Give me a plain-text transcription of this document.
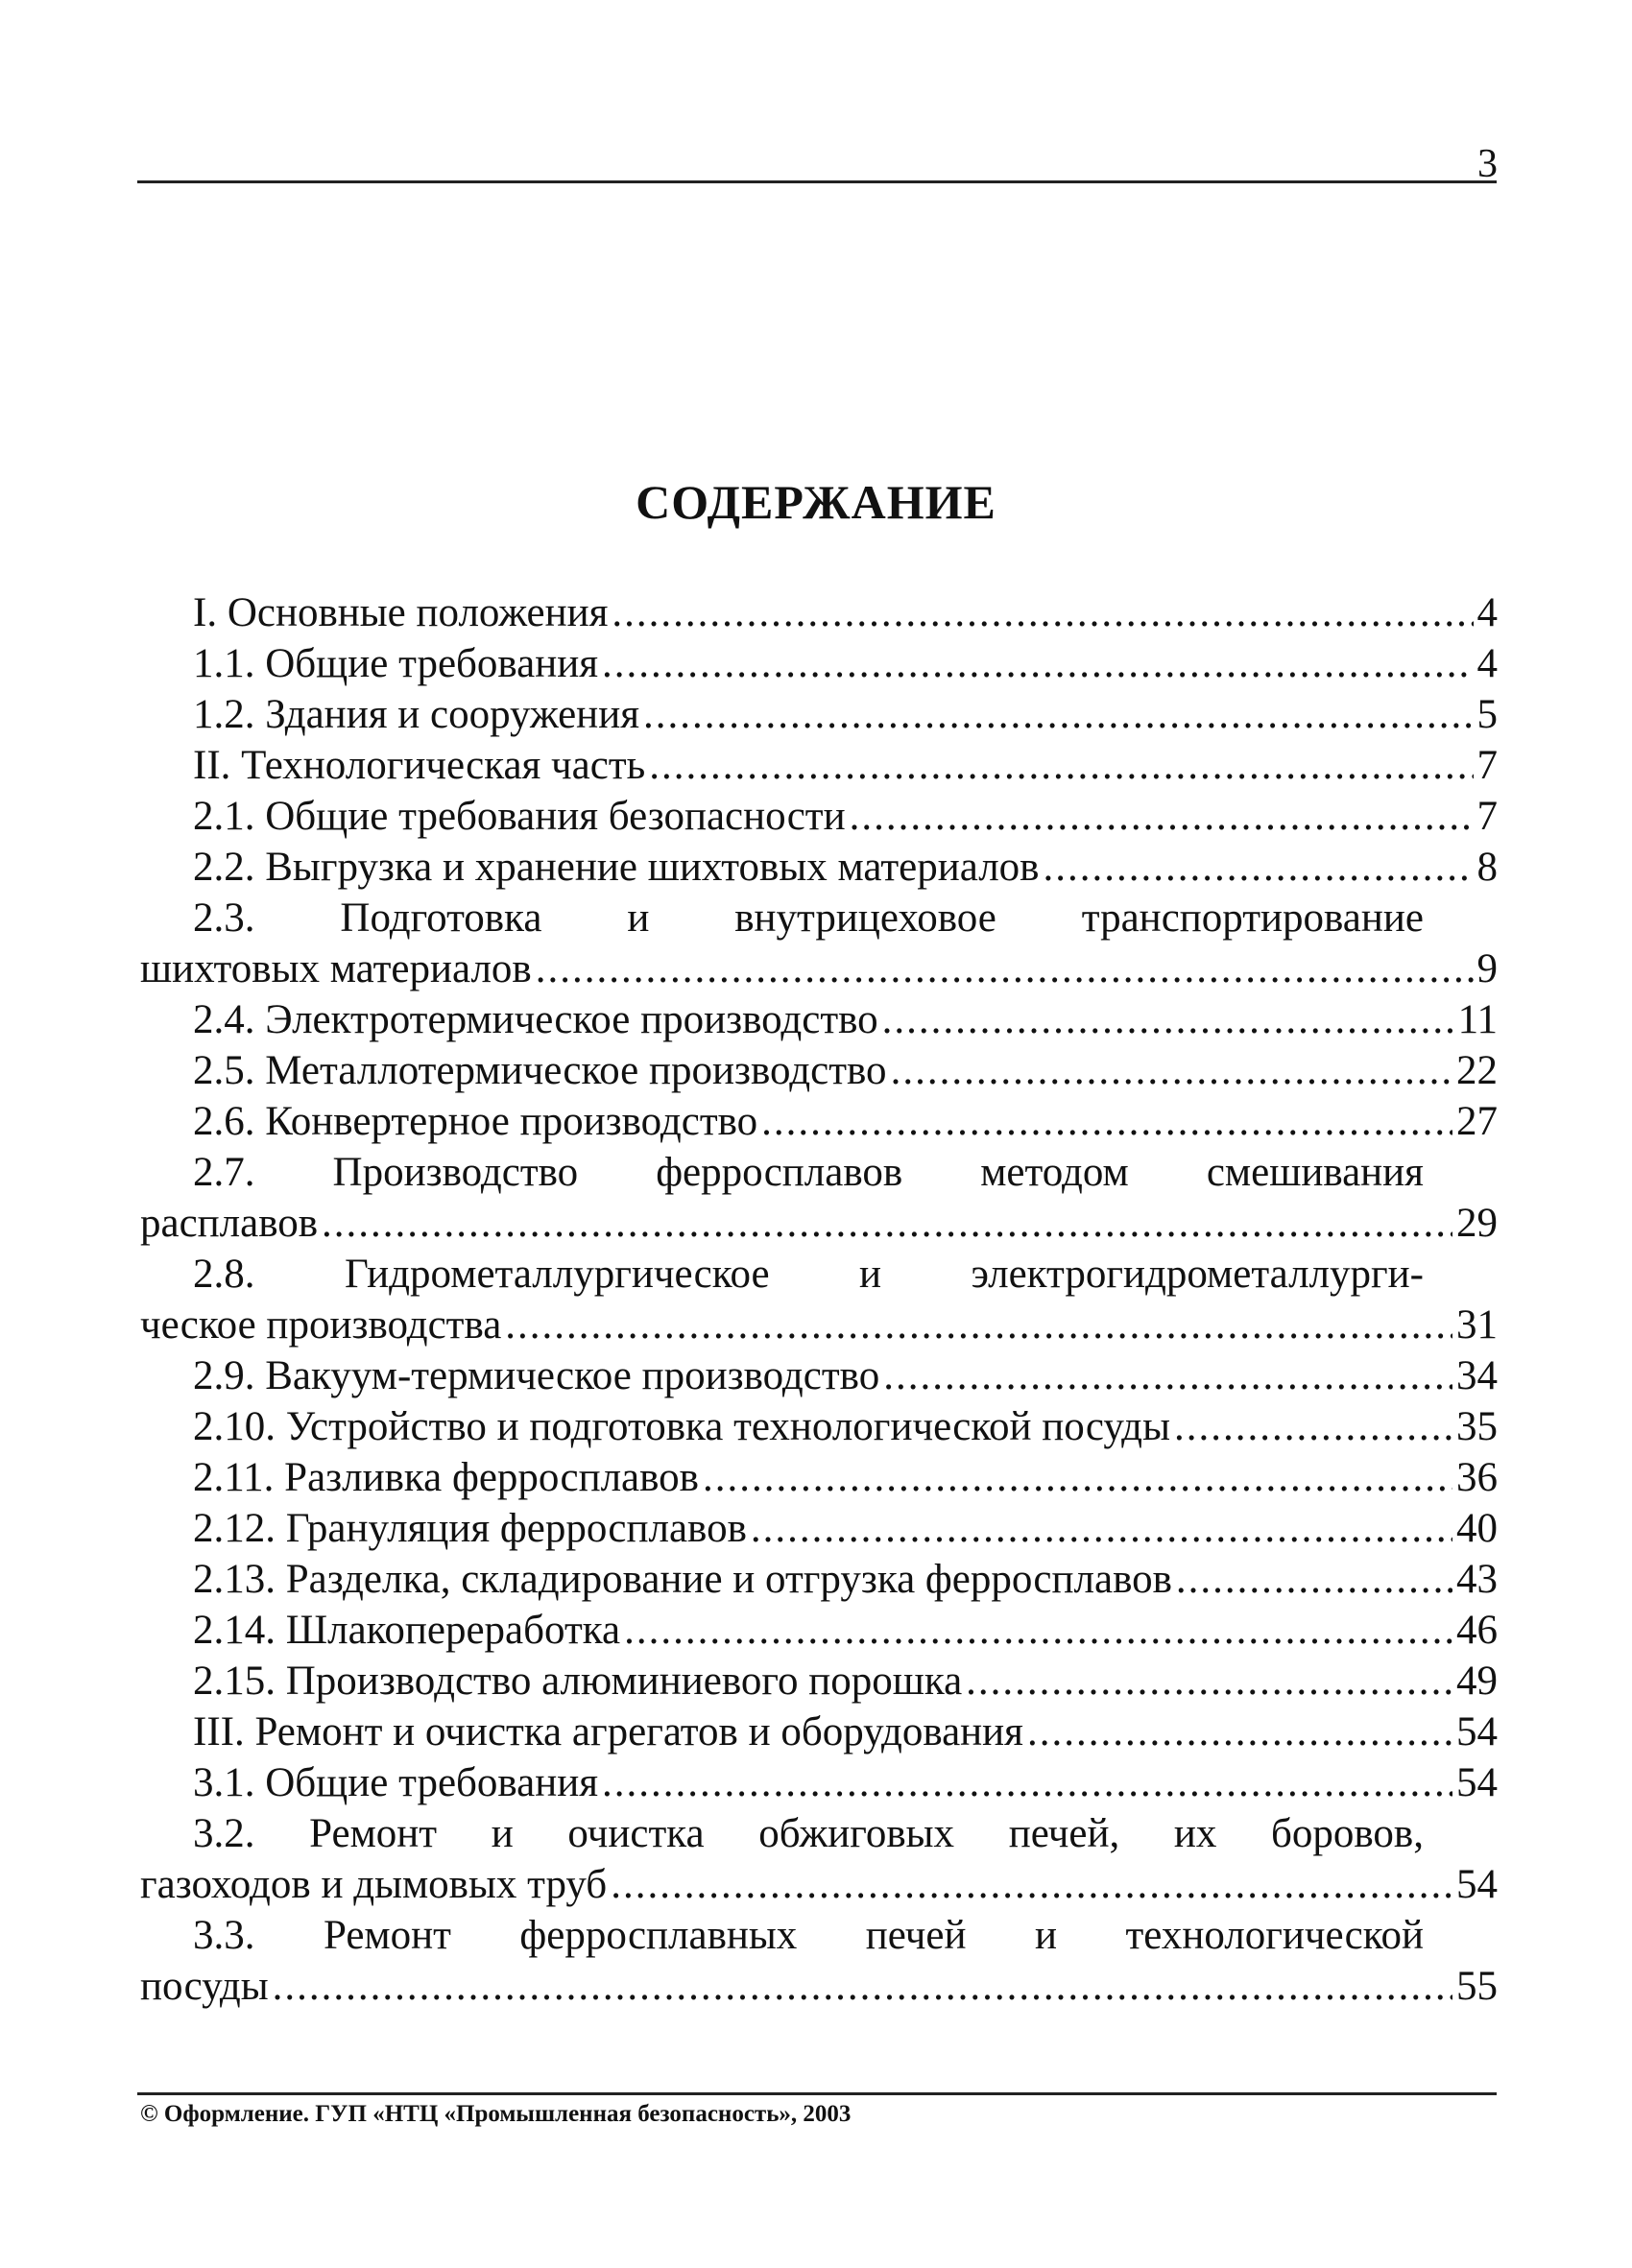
3
СОДЕРЖАНИЕ
I. Основные положения .....	4
1.1. Общие требования .....	4
1.2. Здания и сооружения .....	5
II. Технологическая часть .....	7
2.1. Общие требования безопасности .....	7
2.2. Выгрузка и хранение шихтовых материалов .....	8
2.3. Подготовка и внутрицеховое транспортирование
шихтовых материалов .....	9
2.4. Электротермическое производство .....	11
2.5. Металлотермическое производство .....	22
2.6. Конвертерное производство .....	27
2.7. Производство ферросплавов методом смешивания
расплавов .....	29
2.8. Гидрометаллургическое и электрогидрометаллурги-
ческое производства .....	31
2.9. Вакуум-термическое производство .....	34
2.10. Устройство и подготовка технологической посуды .....	35
2.11. Разливка ферросплавов .....	36
2.12. Грануляция ферросплавов .....	40
2.13. Разделка, складирование и отгрузка ферросплавов .....	43
2.14. Шлакопереработка .....	46
2.15. Производство алюминиевого порошка .....	49
III. Ремонт и очистка агрегатов и оборудования .....	54
3.1. Общие требования .....	54
3.2. Ремонт и очистка обжиговых печей, их боровов,
газоходов и дымовых труб .....	54
3.3. Ремонт ферросплавных печей и технологической
посуды .....	55
© Оформление. ГУП «НТЦ «Промышленная безопасность», 2003
